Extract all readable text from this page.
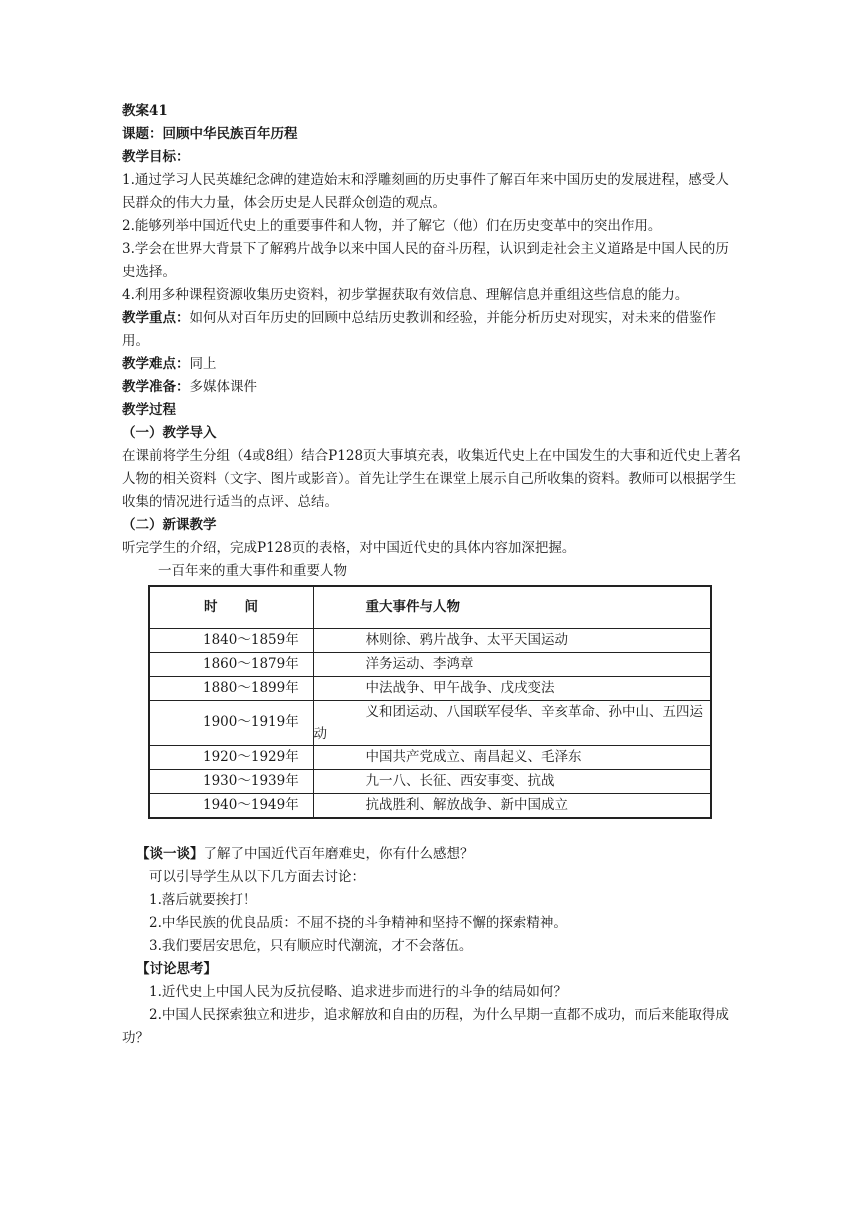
教案41

课题：回顾中华民族百年历程

教学目标：

1.通过学习人民英雄纪念碑的建造始末和浮雕刻画的历史事件了解百年来中国历史的发展进程，感受人民群众的伟大力量，体会历史是人民群众创造的观点。

2.能够列举中国近代史上的重要事件和人物，并了解它（他）们在历史变革中的突出作用。

3.学会在世界大背景下了解鸦片战争以来中国人民的奋斗历程，认识到走社会主义道路是中国人民的历史选择。

4.利用多种课程资源收集历史资料，初步掌握获取有效信息、理解信息并重组这些信息的能力。

教学重点：如何从对百年历史的回顾中总结历史教训和经验，并能分析历史对现实，对未来的借鉴作用。

教学难点：同上

教学准备：多媒体课件

教学过程

（一）教学导入

在课前将学生分组（4或8组）结合P128页大事填充表，收集近代史上在中国发生的大事和近代史上著名人物的相关资料（文字、图片或影音）。首先让学生在课堂上展示自己所收集的资料。教师可以根据学生收集的情况进行适当的点评、总结。

（二）新课教学

听完学生的介绍，完成P128页的表格，对中国近代史的具体内容加深把握。

一百年来的重大事件和重要人物

时　　间	重大事件与人物
1840～1859年	林则徐、鸦片战争、太平天国运动
1860～1879年	洋务运动、李鸿章
1880～1899年	中法战争、甲午战争、戊戌变法
1900～1919年	义和团运动、八国联军侵华、辛亥革命、孙中山、五四运动
1920～1929年	中国共产党成立、南昌起义、毛泽东
1930～1939年	九一八、长征、西安事变、抗战
1940～1949年	抗战胜利、解放战争、新中国成立

【谈一谈】了解了中国近代百年磨难史，你有什么感想？

可以引导学生从以下几方面去讨论：

1.落后就要挨打！

2.中华民族的优良品质：不屈不挠的斗争精神和坚持不懈的探索精神。

3.我们要居安思危，只有顺应时代潮流，才不会落伍。

【讨论思考】

1.近代史上中国人民为反抗侵略、追求进步而进行的斗争的结局如何？

2.中国人民探索独立和进步，追求解放和自由的历程，为什么早期一直都不成功，而后来能取得成功？
